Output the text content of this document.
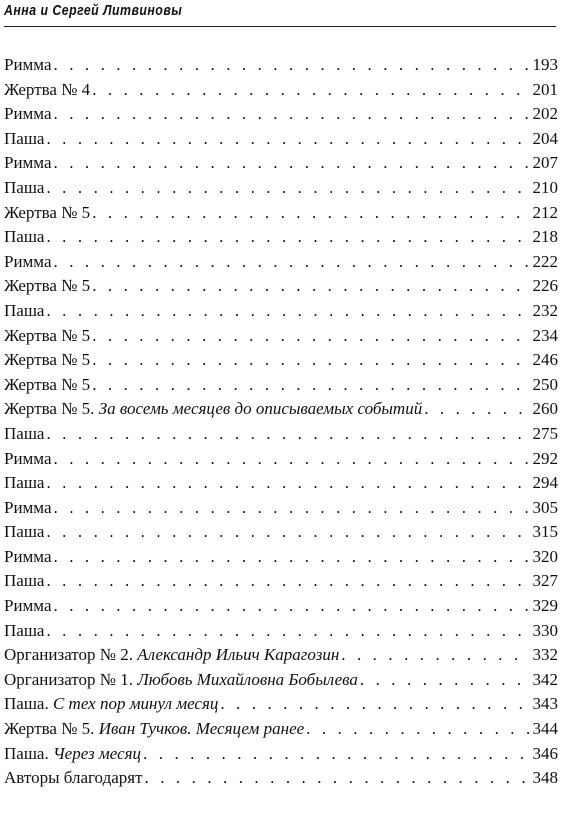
Анна и Сергей Литвиновы
Римма . . .	193
Жертва № 4 . . .	201
Римма . . .	202
Паша . . .	204
Римма . . .	207
Паша . . .	210
Жертва № 5 . . .	212
Паша . . .	218
Римма . . .	222
Жертва № 5 . . .	226
Паша . . .	232
Жертва № 5 . . .	234
Жертва № 5 . . .	246
Жертва № 5 . . .	250
Жертва № 5. За восемь месяцев до описываемых событий . . .	260
Паша . . .	275
Римма . . .	292
Паша . . .	294
Римма . . .	305
Паша . . .	315
Римма . . .	320
Паша . . .	327
Римма . . .	329
Паша . . .	330
Организатор № 2. Александр Ильич Карагозин . . .	332
Организатор № 1. Любовь Михайловна Бобылева . . .	342
Паша. С тех пор минул месяц . . .	343
Жертва № 5. Иван Тучков. Месяцем ранее . . .	344
Паша. Через месяц . . .	346
Авторы благодарят . . .	348
